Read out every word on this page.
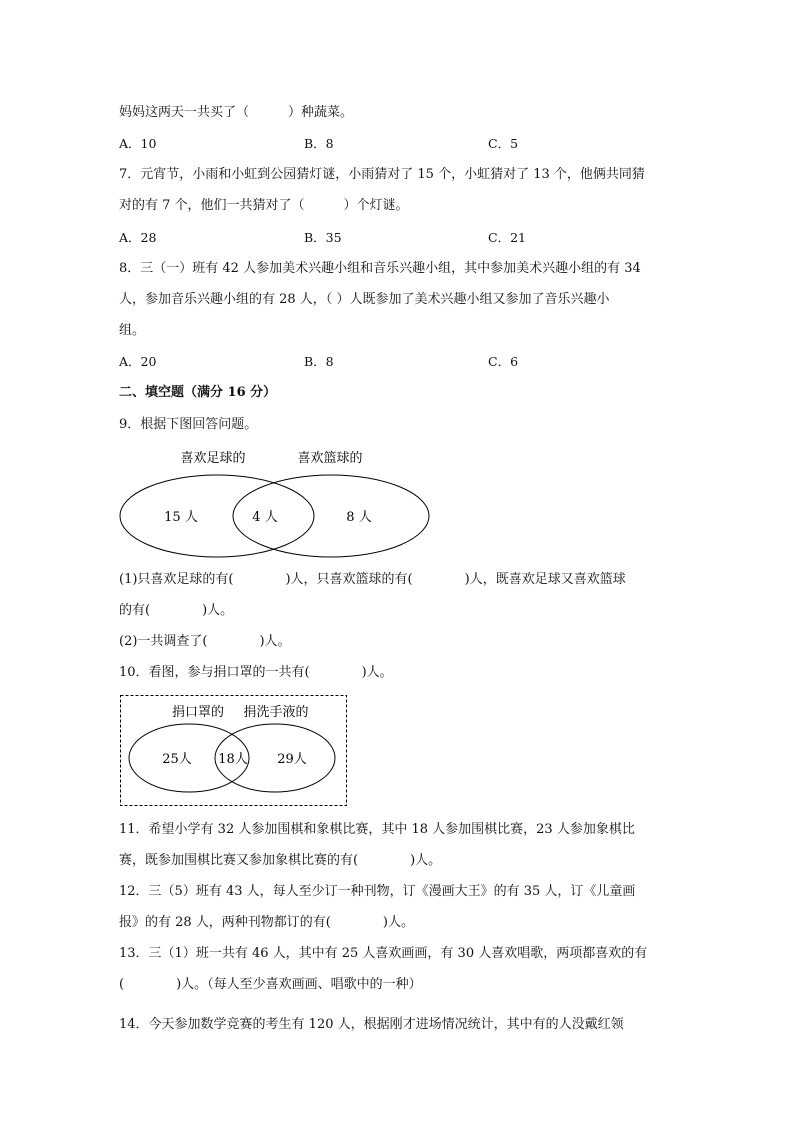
妈妈这两天一共买了（　　　）种蔬菜。
A．10	B．8	C．5
7．元宵节，小雨和小虹到公园猜灯谜，小雨猜对了 15 个，小虹猜对了 13 个，他俩共同猜
对的有 7 个，他们一共猜对了（　　　）个灯谜。
A．28	B．35	C．21
8．三（一）班有 42 人参加美术兴趣小组和音乐兴趣小组，其中参加美术兴趣小组的有 34
人，参加音乐兴趣小组的有 28 人，（ ）人既参加了美术兴趣小组又参加了音乐兴趣小
组。
A．20	B．8	C．6
二、填空题（满分 16 分）
9．根据下图回答问题。
喜欢足球的	喜欢篮球的
15 人	4 人	8 人
(1)只喜欢足球的有(　　　　)人，只喜欢篮球的有(　　　　)人，既喜欢足球又喜欢篮球
的有(　　　　)人。
(2)一共调查了(　　　　)人。
10．看图，参与捐口罩的一共有(　　　　)人。
捐口罩的 捐洗手液的
25人 18人 29人
11．希望小学有 32 人参加围棋和象棋比赛，其中 18 人参加围棋比赛，23 人参加象棋比
赛，既参加围棋比赛又参加象棋比赛的有(　　　　)人。
12．三（5）班有 43 人，每人至少订一种刊物，订《漫画大王》的有 35 人，订《儿童画
报》的有 28 人，两种刊物都订的有(　　　　)人。
13．三（1）班一共有 46 人，其中有 25 人喜欢画画，有 30 人喜欢唱歌，两项都喜欢的有
(　　　　)人。（每人至少喜欢画画、唱歌中的一种）
14．今天参加数学竞赛的考生有 120 人，根据刚才进场情况统计，其中有的人没戴红领
